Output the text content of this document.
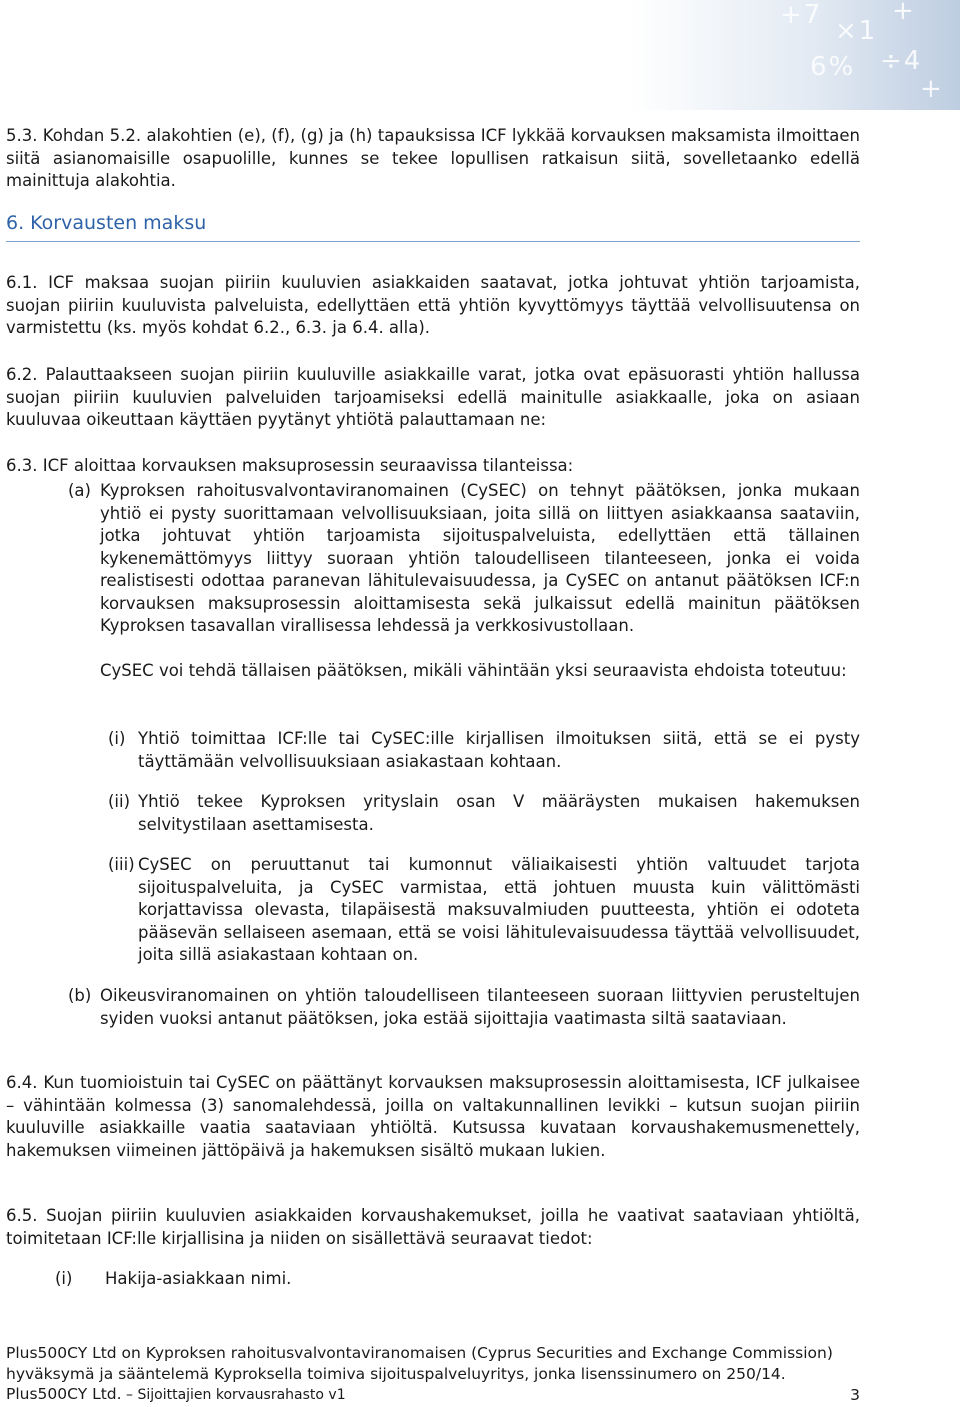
+7
×1
+
6% ÷4
+

5.3. Kohdan 5.2. alakohtien (e), (f), (g) ja (h) tapauksissa ICF lykkää korvauksen maksamista ilmoittaen siitä asianomaisille osapuolille, kunnes se tekee lopullisen ratkaisun siitä, sovelletaanko edellä mainittuja alakohtia.

6. Korvausten maksu

6.1. ICF maksaa suojan piiriin kuuluvien asiakkaiden saatavat, jotka johtuvat yhtiön tarjoamista, suojan piiriin kuuluvista palveluista, edellyttäen että yhtiön kyvyttömyys täyttää velvollisuutensa on varmistettu (ks. myös kohdat 6.2., 6.3. ja 6.4. alla).

6.2. Palauttaakseen suojan piiriin kuuluville asiakkaille varat, jotka ovat epäsuorasti yhtiön hallussa suojan piiriin kuuluvien palveluiden tarjoamiseksi edellä mainitulle asiakkaalle, joka on asiaan kuuluvaa oikeuttaan käyttäen pyytänyt yhtiötä palauttamaan ne:

6.3. ICF aloittaa korvauksen maksuprosessin seuraavissa tilanteissa:

(a) Kyproksen rahoitusvalvontaviranomainen (CySEC) on tehnyt päätöksen, jonka mukaan yhtiö ei pysty suorittamaan velvollisuuksiaan, joita sillä on liittyen asiakkaansa saataviin, jotka johtuvat yhtiön tarjoamista sijoituspalveluista, edellyttäen että tällainen kykenemättömyys liittyy suoraan yhtiön taloudelliseen tilanteeseen, jonka ei voida realistisesti odottaa paranevan lähitulevaisuudessa, ja CySEC on antanut päätöksen ICF:n korvauksen maksuprosessin aloittamisesta sekä julkaissut edellä mainitun päätöksen Kyproksen tasavallan virallisessa lehdessä ja verkkosivustollaan.

CySEC voi tehdä tällaisen päätöksen, mikäli vähintään yksi seuraavista ehdoista toteutuu:

(i) Yhtiö toimittaa ICF:lle tai CySEC:ille kirjallisen ilmoituksen siitä, että se ei pysty täyttämään velvollisuuksiaan asiakastaan kohtaan.

(ii) Yhtiö tekee Kyproksen yrityslain osan V määräysten mukaisen hakemuksen selvitystilaan asettamisesta.

(iii) CySEC on peruuttanut tai kumonnut väliaikaisesti yhtiön valtuudet tarjota sijoituspalveluita, ja CySEC varmistaa, että johtuen muusta kuin välittömästi korjattavissa olevasta, tilapäisestä maksuvalmiuden puutteesta, yhtiön ei odoteta pääsevän sellaiseen asemaan, että se voisi lähitulevaisuudessa täyttää velvollisuudet, joita sillä asiakastaan kohtaan on.

(b) Oikeusviranomainen on yhtiön taloudelliseen tilanteeseen suoraan liittyvien perusteltujen syiden vuoksi antanut päätöksen, joka estää sijoittajia vaatimasta siltä saataviaan.

6.4. Kun tuomioistuin tai CySEC on päättänyt korvauksen maksuprosessin aloittamisesta, ICF julkaisee – vähintään kolmessa (3) sanomalehdessä, joilla on valtakunnallinen levikki – kutsun suojan piiriin kuuluville asiakkaille vaatia saataviaan yhtiöltä. Kutsussa kuvataan korvaushakemusmenettely, hakemuksen viimeinen jättöpäivä ja hakemuksen sisältö mukaan lukien.

6.5. Suojan piiriin kuuluvien asiakkaiden korvaushakemukset, joilla he vaativat saataviaan yhtiöltä, toimitetaan ICF:lle kirjallisina ja niiden on sisällettävä seuraavat tiedot:

(i) Hakija-asiakkaan nimi.

Plus500CY Ltd on Kyproksen rahoitusvalvontaviranomaisen (Cyprus Securities and Exchange Commission)
hyväksymä ja sääntelemä Kyproksella toimiva sijoituspalveluyritys, jonka lisenssinumero on 250/14.
Plus500CY Ltd. – Sijoittajien korvausrahasto v1	3
